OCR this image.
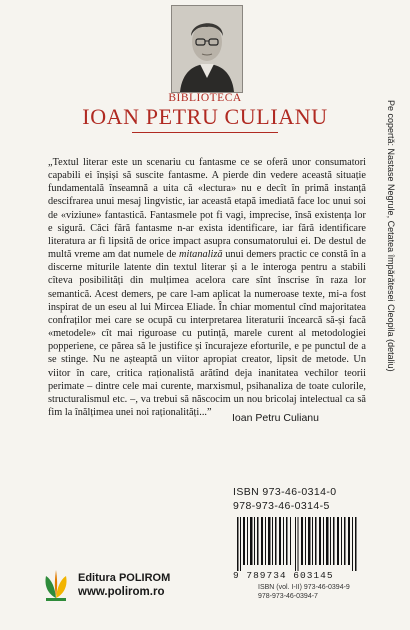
BIBLIOTECA
IOAN PETRU CULIANU
„Textul literar este un scenariu cu fantasme ce se oferă unor consumatori capabili ei înșiși să suscite fantasme. A pierde din vedere această situație fundamentală înseamnă a uita că «lectura» nu e decît în primă instanță descifrarea unui mesaj lingvistic, iar această etapă imediată face loc unui soi de «viziune» fantastică. Fantasmele pot fi vagi, imprecise, însă existența lor e sigură. Căci fără fantasme n-ar exista identificare, iar fără identificare literatura ar fi lipsită de orice impact asupra consumatorului ei. De destul de multă vreme am dat numele de mitanaliză unui demers practic ce constă în a discerne miturile latente din textul literar și a le interoga pentru a stabili cîteva posibilități din mulțimea acelora care sînt înscrise în raza lor semantică. Acest demers, pe care l-am aplicat la numeroase texte, mi-a fost inspirat de un eseu al lui Mircea Eliade. În chiar momentul cînd majoritatea confraților mei care se ocupă cu interpretarea literaturii încearcă să-și facă «metodele» cît mai riguroase cu putință, marele curent al metodologiei popperiene, ce părea să le justifice și încurajeze eforturile, e pe punctul de a se stinge. Nu ne așteaptă un viitor apropiat creator, lipsit de metode. Un viitor în care, critica raționalistă arătînd deja inanitatea vechilor teorii perimate – dintre cele mai curente, marxismul, psihanaliza de toate culorile, structuralismul etc. –, va trebui să născocim un nou bricolaj intelectual ca să fim la înălțimea unei noi raționalități...”	Ioan Petru Culianu
ISBN 973-46-0314-0
978-973-46-0314-5
9 789734 603145
ISBN (vol. I-II) 973-46-0394-9
978-973-46-0394-7
Editura POLIROM
www.polirom.ro
Pe copertă: Nastase Negrule, Cetatea împărătesei Cleopila (detaliu)
